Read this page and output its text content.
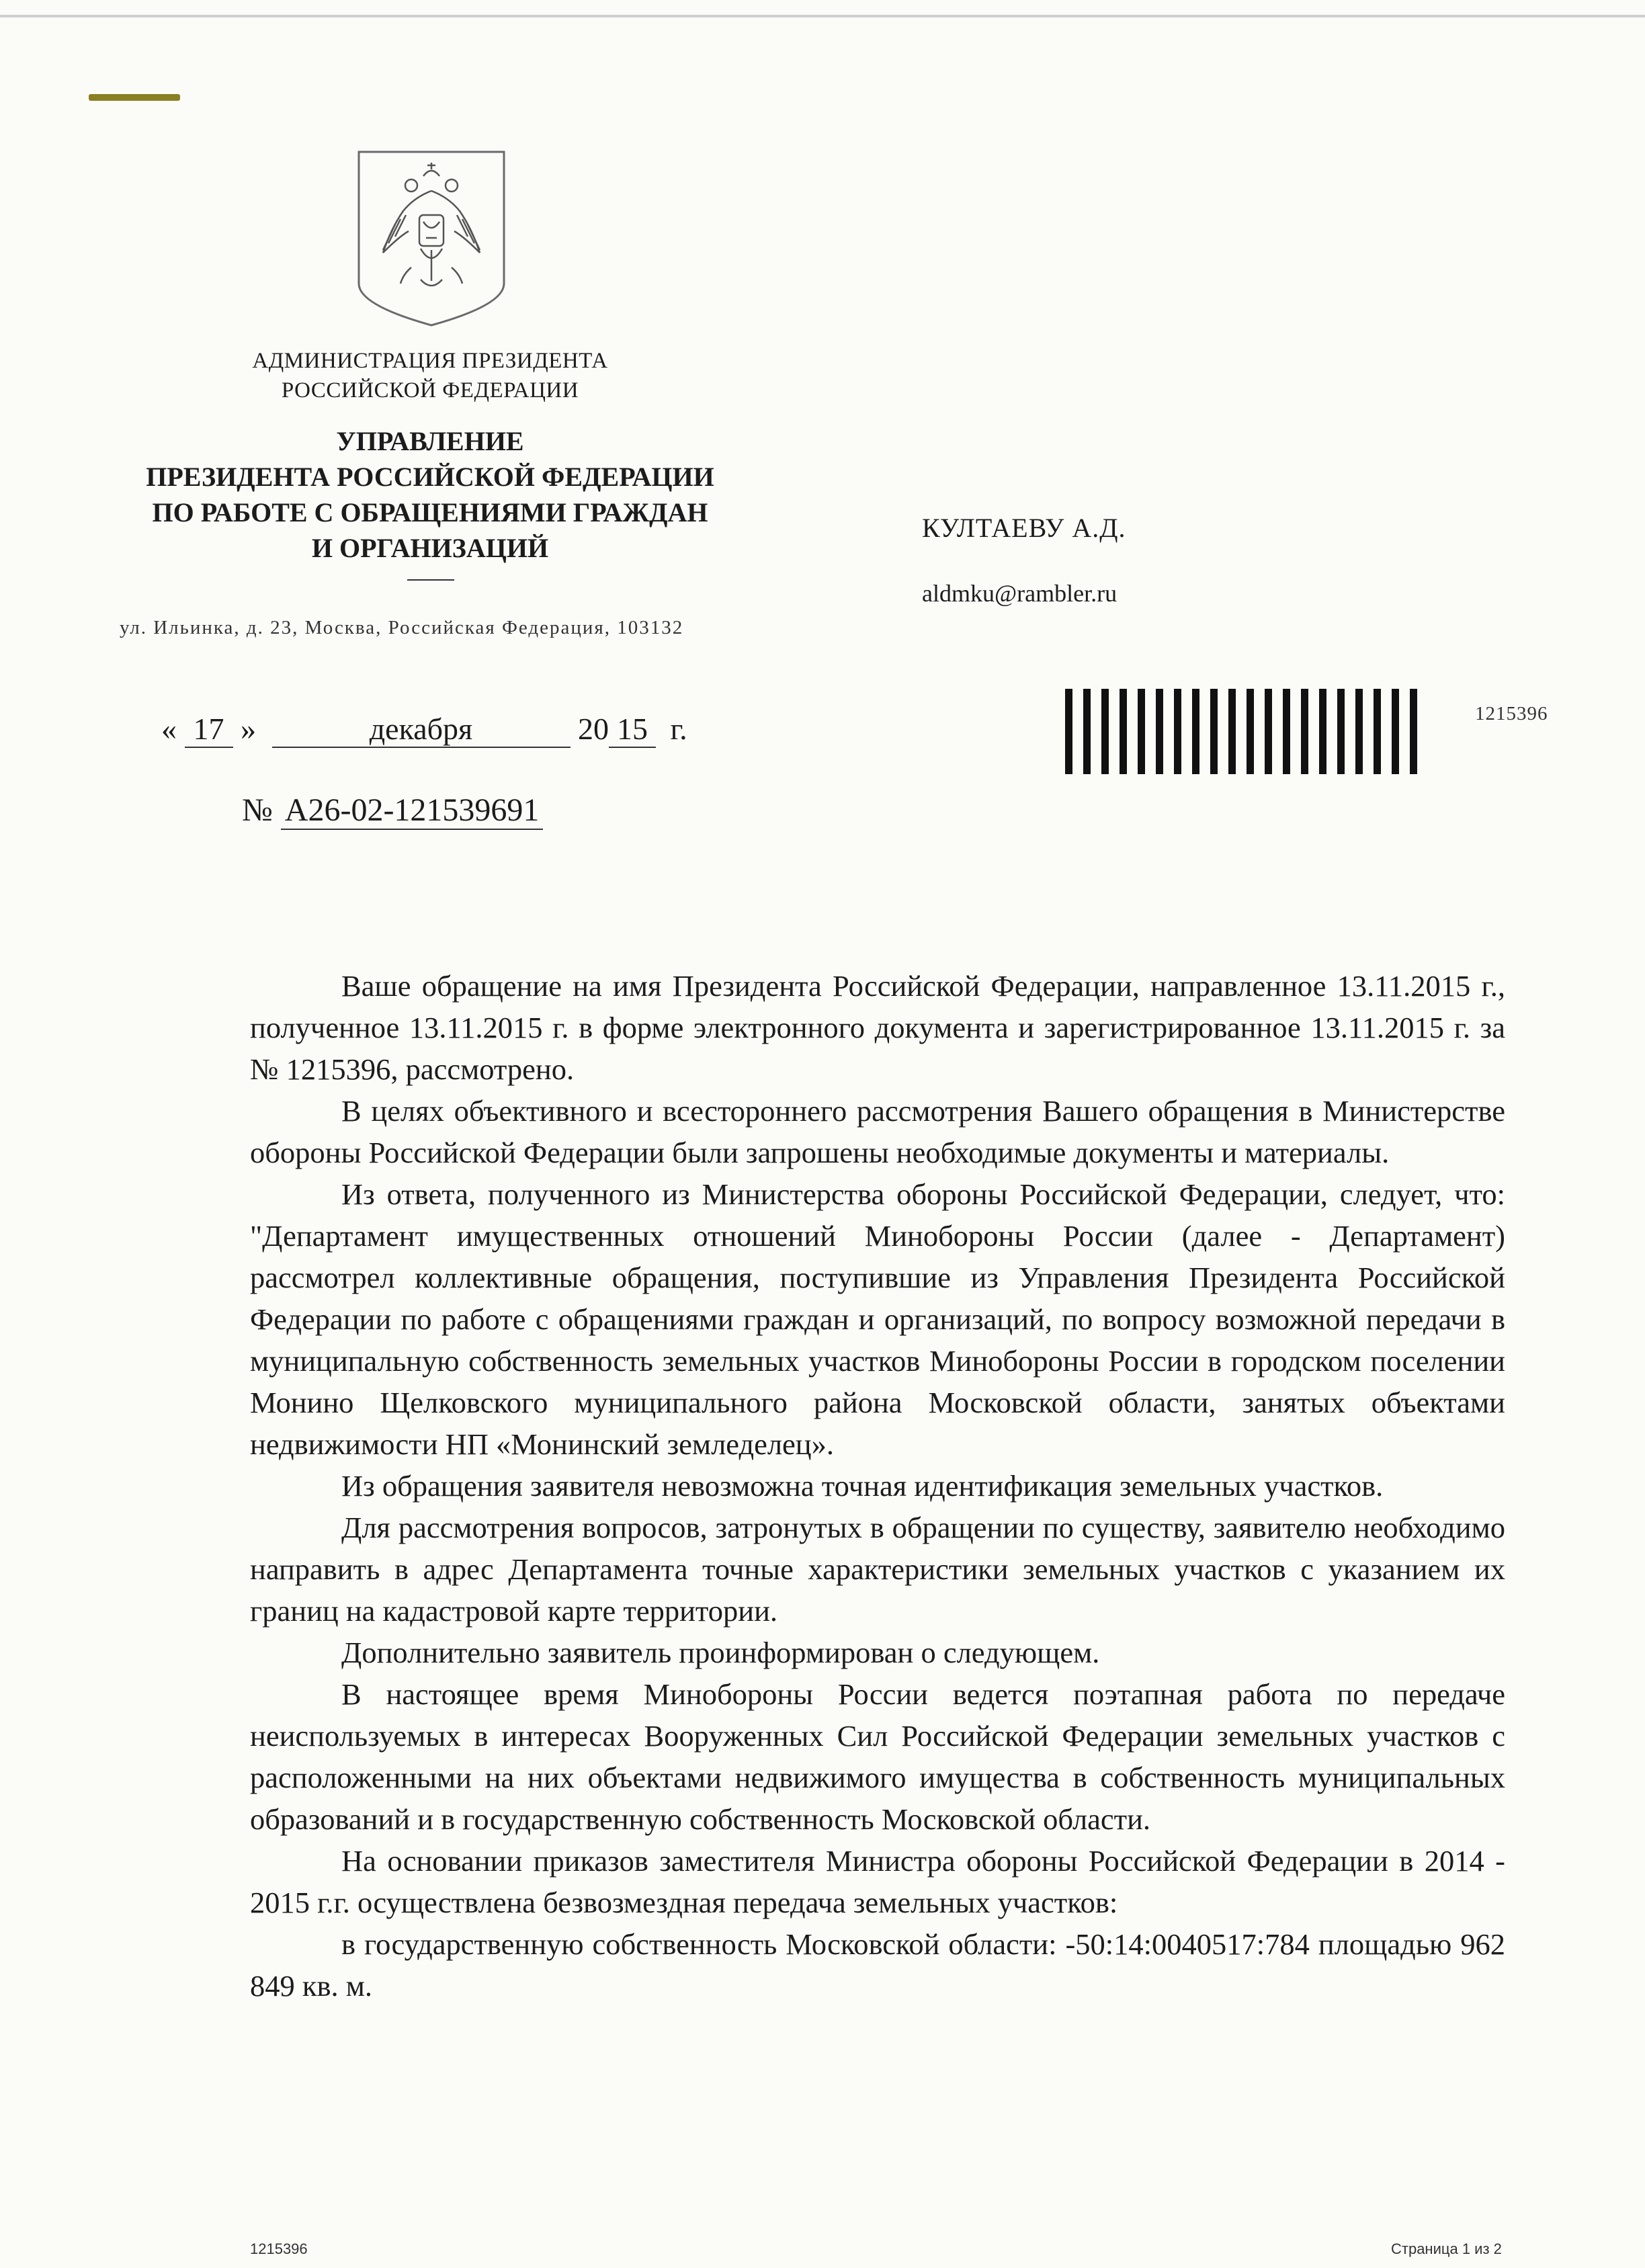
АДМИНИСТРАЦИЯ ПРЕЗИДЕНТА
РОССИЙСКОЙ ФЕДЕРАЦИИ
УПРАВЛЕНИЕ
ПРЕЗИДЕНТА РОССИЙСКОЙ ФЕДЕРАЦИИ
ПО РАБОТЕ С ОБРАЩЕНИЯМИ ГРАЖДАН
И ОРГАНИЗАЦИЙ
ул. Ильинка, д. 23, Москва, Российская Федерация, 103132
КУЛТАЕВУ А.Д.
aldmku@rambler.ru
1215396
« 17 »	декабря	20 15 г.
№ А26-02-121539691

Ваше обращение на имя Президента Российской Федерации, направленное 13.11.2015 г., полученное 13.11.2015 г. в форме электронного документа и зарегистрированное 13.11.2015 г. за № 1215396, рассмотрено.

В целях объективного и всестороннего рассмотрения Вашего обращения в Министерстве обороны Российской Федерации были запрошены необходимые документы и материалы.

Из ответа, полученного из Министерства обороны Российской Федерации, следует, что: "Департамент имущественных отношений Минобороны России (далее - Департамент) рассмотрел коллективные обращения, поступившие из Управления Президента Российской Федерации по работе с обращениями граждан и организаций, по вопросу возможной передачи в муниципальную собственность земельных участков Минобороны России в городском поселении Монино Щелковского муниципального района Московской области, занятых объектами недвижимости НП «Монинский земледелец».

Из обращения заявителя невозможна точная идентификация земельных участков.

Для рассмотрения вопросов, затронутых в обращении по существу, заявителю необходимо направить в адрес Департамента точные характеристики земельных участков с указанием их границ на кадастровой карте территории.

Дополнительно заявитель проинформирован о следующем.

В настоящее время Минобороны России ведется поэтапная работа по передаче неиспользуемых в интересах Вооруженных Сил Российской Федерации земельных участков с расположенными на них объектами недвижимого имущества в собственность муниципальных образований и в государственную собственность Московской области.

На основании приказов заместителя Министра обороны Российской Федерации в 2014 - 2015 г.г. осуществлена безвозмездная передача земельных участков:

в государственную собственность Московской области: -50:14:0040517:784 площадью 962 849 кв. м.

1215396	Страница 1 из 2
